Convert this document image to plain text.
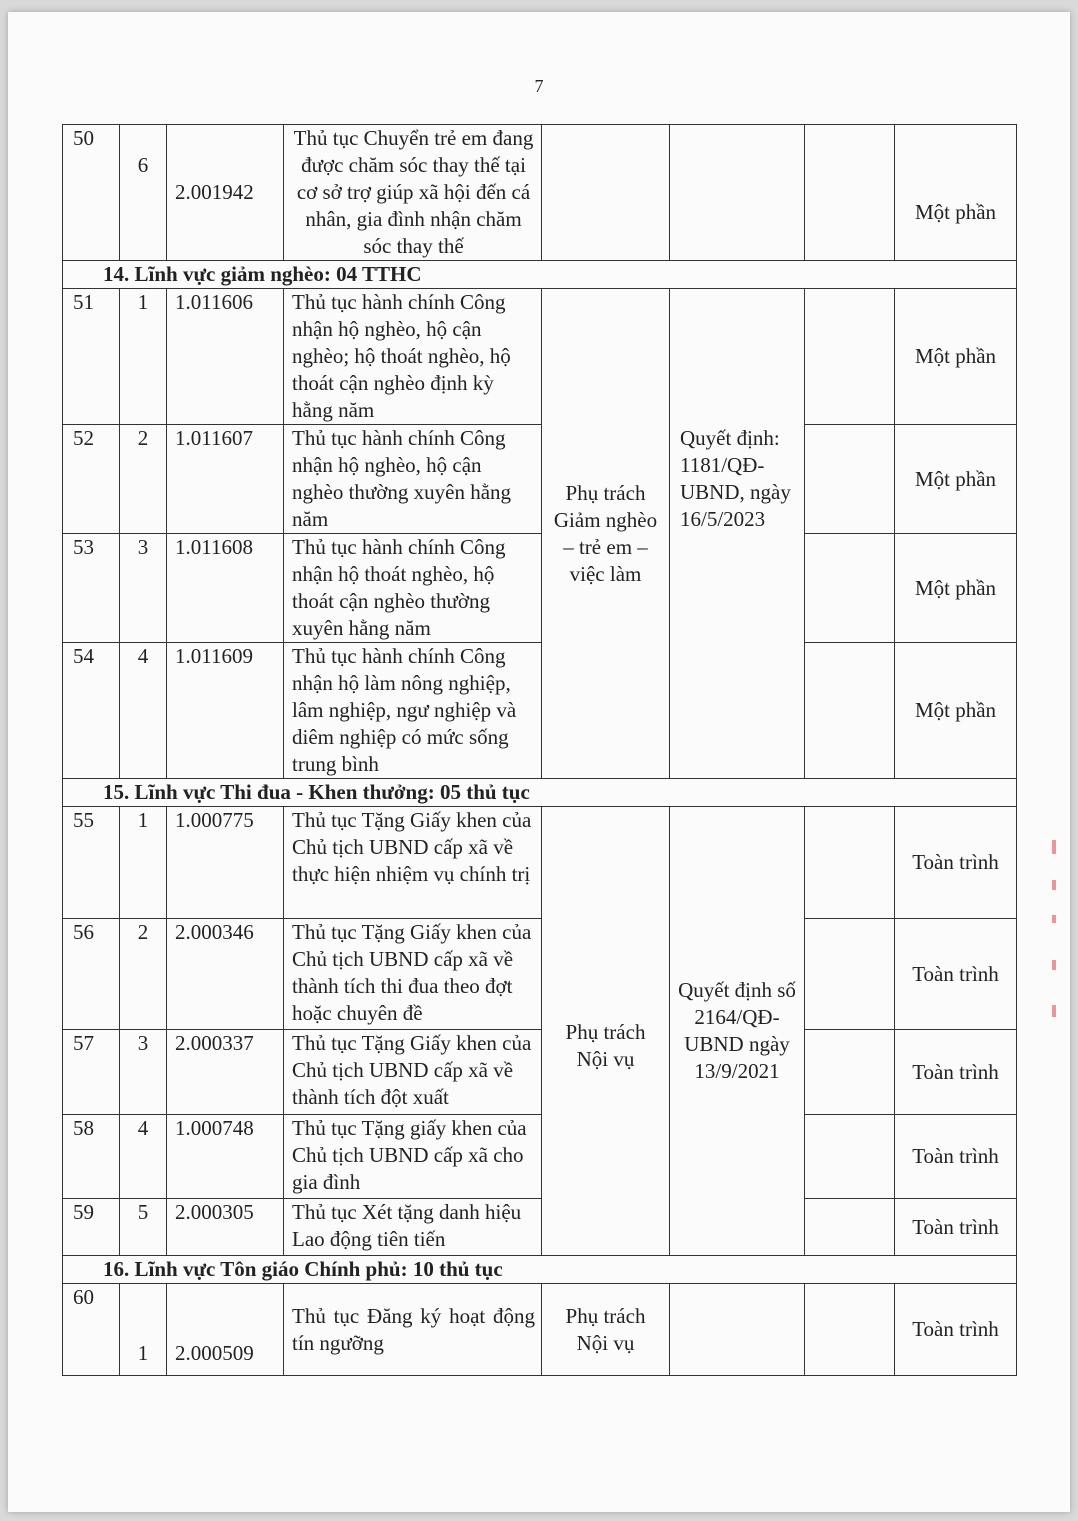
7
50	6	2.001942	Thủ tục Chuyển trẻ em đang được chăm sóc thay thế tại cơ sở trợ giúp xã hội đến cá nhân, gia đình nhận chăm sóc thay thế				Một phần
14. Lĩnh vực giảm nghèo: 04 TTHC							
51	1	1.011606	Thủ tục hành chính Công nhận hộ nghèo, hộ cận nghèo; hộ thoát nghèo, hộ thoát cận nghèo định kỳ hằng năm	Phụ trách Giảm nghèo – trẻ em – việc làm	Quyết định: 1181/QĐ-UBND, ngày 16/5/2023		Một phần
52	2	1.011607	Thủ tục hành chính Công nhận hộ nghèo, hộ cận nghèo thường xuyên hằng năm				Một phần
53	3	1.011608	Thủ tục hành chính Công nhận hộ thoát nghèo, hộ thoát cận nghèo thường xuyên hằng năm				Một phần
54	4	1.011609	Thủ tục hành chính Công nhận hộ làm nông nghiệp, lâm nghiệp, ngư nghiệp và diêm nghiệp có mức sống trung bình				Một phần
15. Lĩnh vực Thi đua - Khen thưởng: 05 thủ tục							
55	1	1.000775	Thủ tục Tặng Giấy khen của Chủ tịch UBND cấp xã về thực hiện nhiệm vụ chính trị	Phụ trách Nội vụ	Quyết định số 2164/QĐ-UBND ngày 13/9/2021		Toàn trình
56	2	2.000346	Thủ tục Tặng Giấy khen của Chủ tịch UBND cấp xã về thành tích thi đua theo đợt hoặc chuyên đề				Toàn trình
57	3	2.000337	Thủ tục Tặng Giấy khen của Chủ tịch UBND cấp xã về thành tích đột xuất				Toàn trình
58	4	1.000748	Thủ tục Tặng giấy khen của Chủ tịch UBND cấp xã cho gia đình				Toàn trình
59	5	2.000305	Thủ tục Xét tặng danh hiệu Lao động tiên tiến				Toàn trình
16. Lĩnh vực Tôn giáo Chính phủ: 10 thủ tục							
60	1	2.000509	Thủ tục Đăng ký hoạt động tín ngưỡng	Phụ trách Nội vụ			Toàn trình
